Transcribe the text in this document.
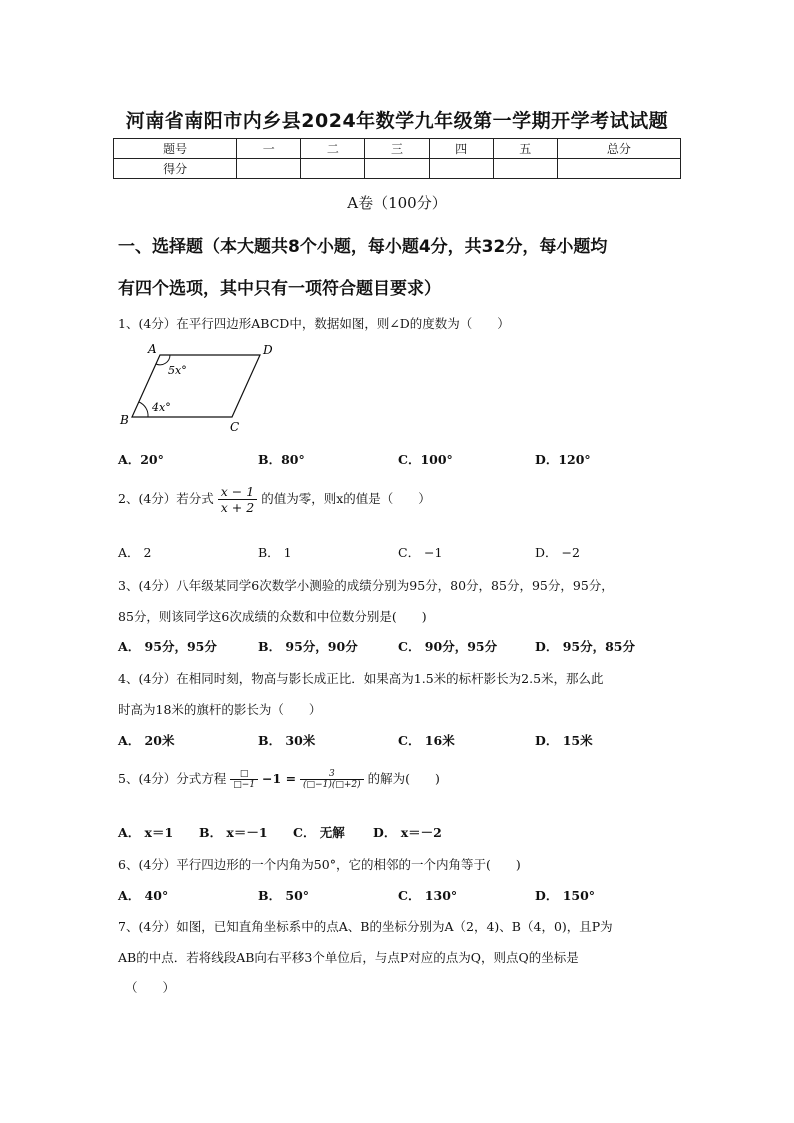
河南省南阳市内乡县2024年数学九年级第一学期开学考试试题
题号	一	二	三	四	五	总分
得分						
A卷（100分）
一、选择题（本大题共8个小题，每小题4分，共32分，每小题均
有四个选项，其中只有一项符合题目要求）
1、(4分）在平行四边形ABCD中，数据如图，则∠D的度数为（　　）
A	D
B	C
5x°
4x°
A．20°	B．80°	C．100°	D．120°
2、(4分）若分式 $\frac{x - 1}{x + 2}$ 的值为零，则x的值是（　　）
A． 2	B． 1	C． −1	D． −2
3、(4分）八年级某同学6次数学小测验的成绩分别为95分，80分，85分，95分，95分，
85分，则该同学这6次成绩的众数和中位数分别是(　　)
A． 95分，95分	B． 95分，90分	C． 90分，95分	D． 95分，85分
4、(4分）在相同时刻，物高与影长成正比．如果高为1.5米的标杆影长为2.5米，那么此
时高为18米的旗杆的影长为（　　）
A． 20米	B． 30米	C． 16米	D． 15米
5、(4分）分式方程 $\frac{□}{□-1} -1 = \frac{3}{(□-1)(□+2)}$ 的解为(　　)
A． x＝1 B． x＝－1 C． 无解 D． x＝－2
6、(4分）平行四边形的一个内角为50°，它的相邻的一个内角等于(　　)
A． 40°	B． 50°	C． 130°	D． 150°
7、(4分）如图，已知直角坐标系中的点A、B的坐标分别为A（2，4)、B（4，0)，且P为
AB的中点．若将线段AB向右平移3个单位后，与点P对应的点为Q，则点Q的坐标是
（　　）
